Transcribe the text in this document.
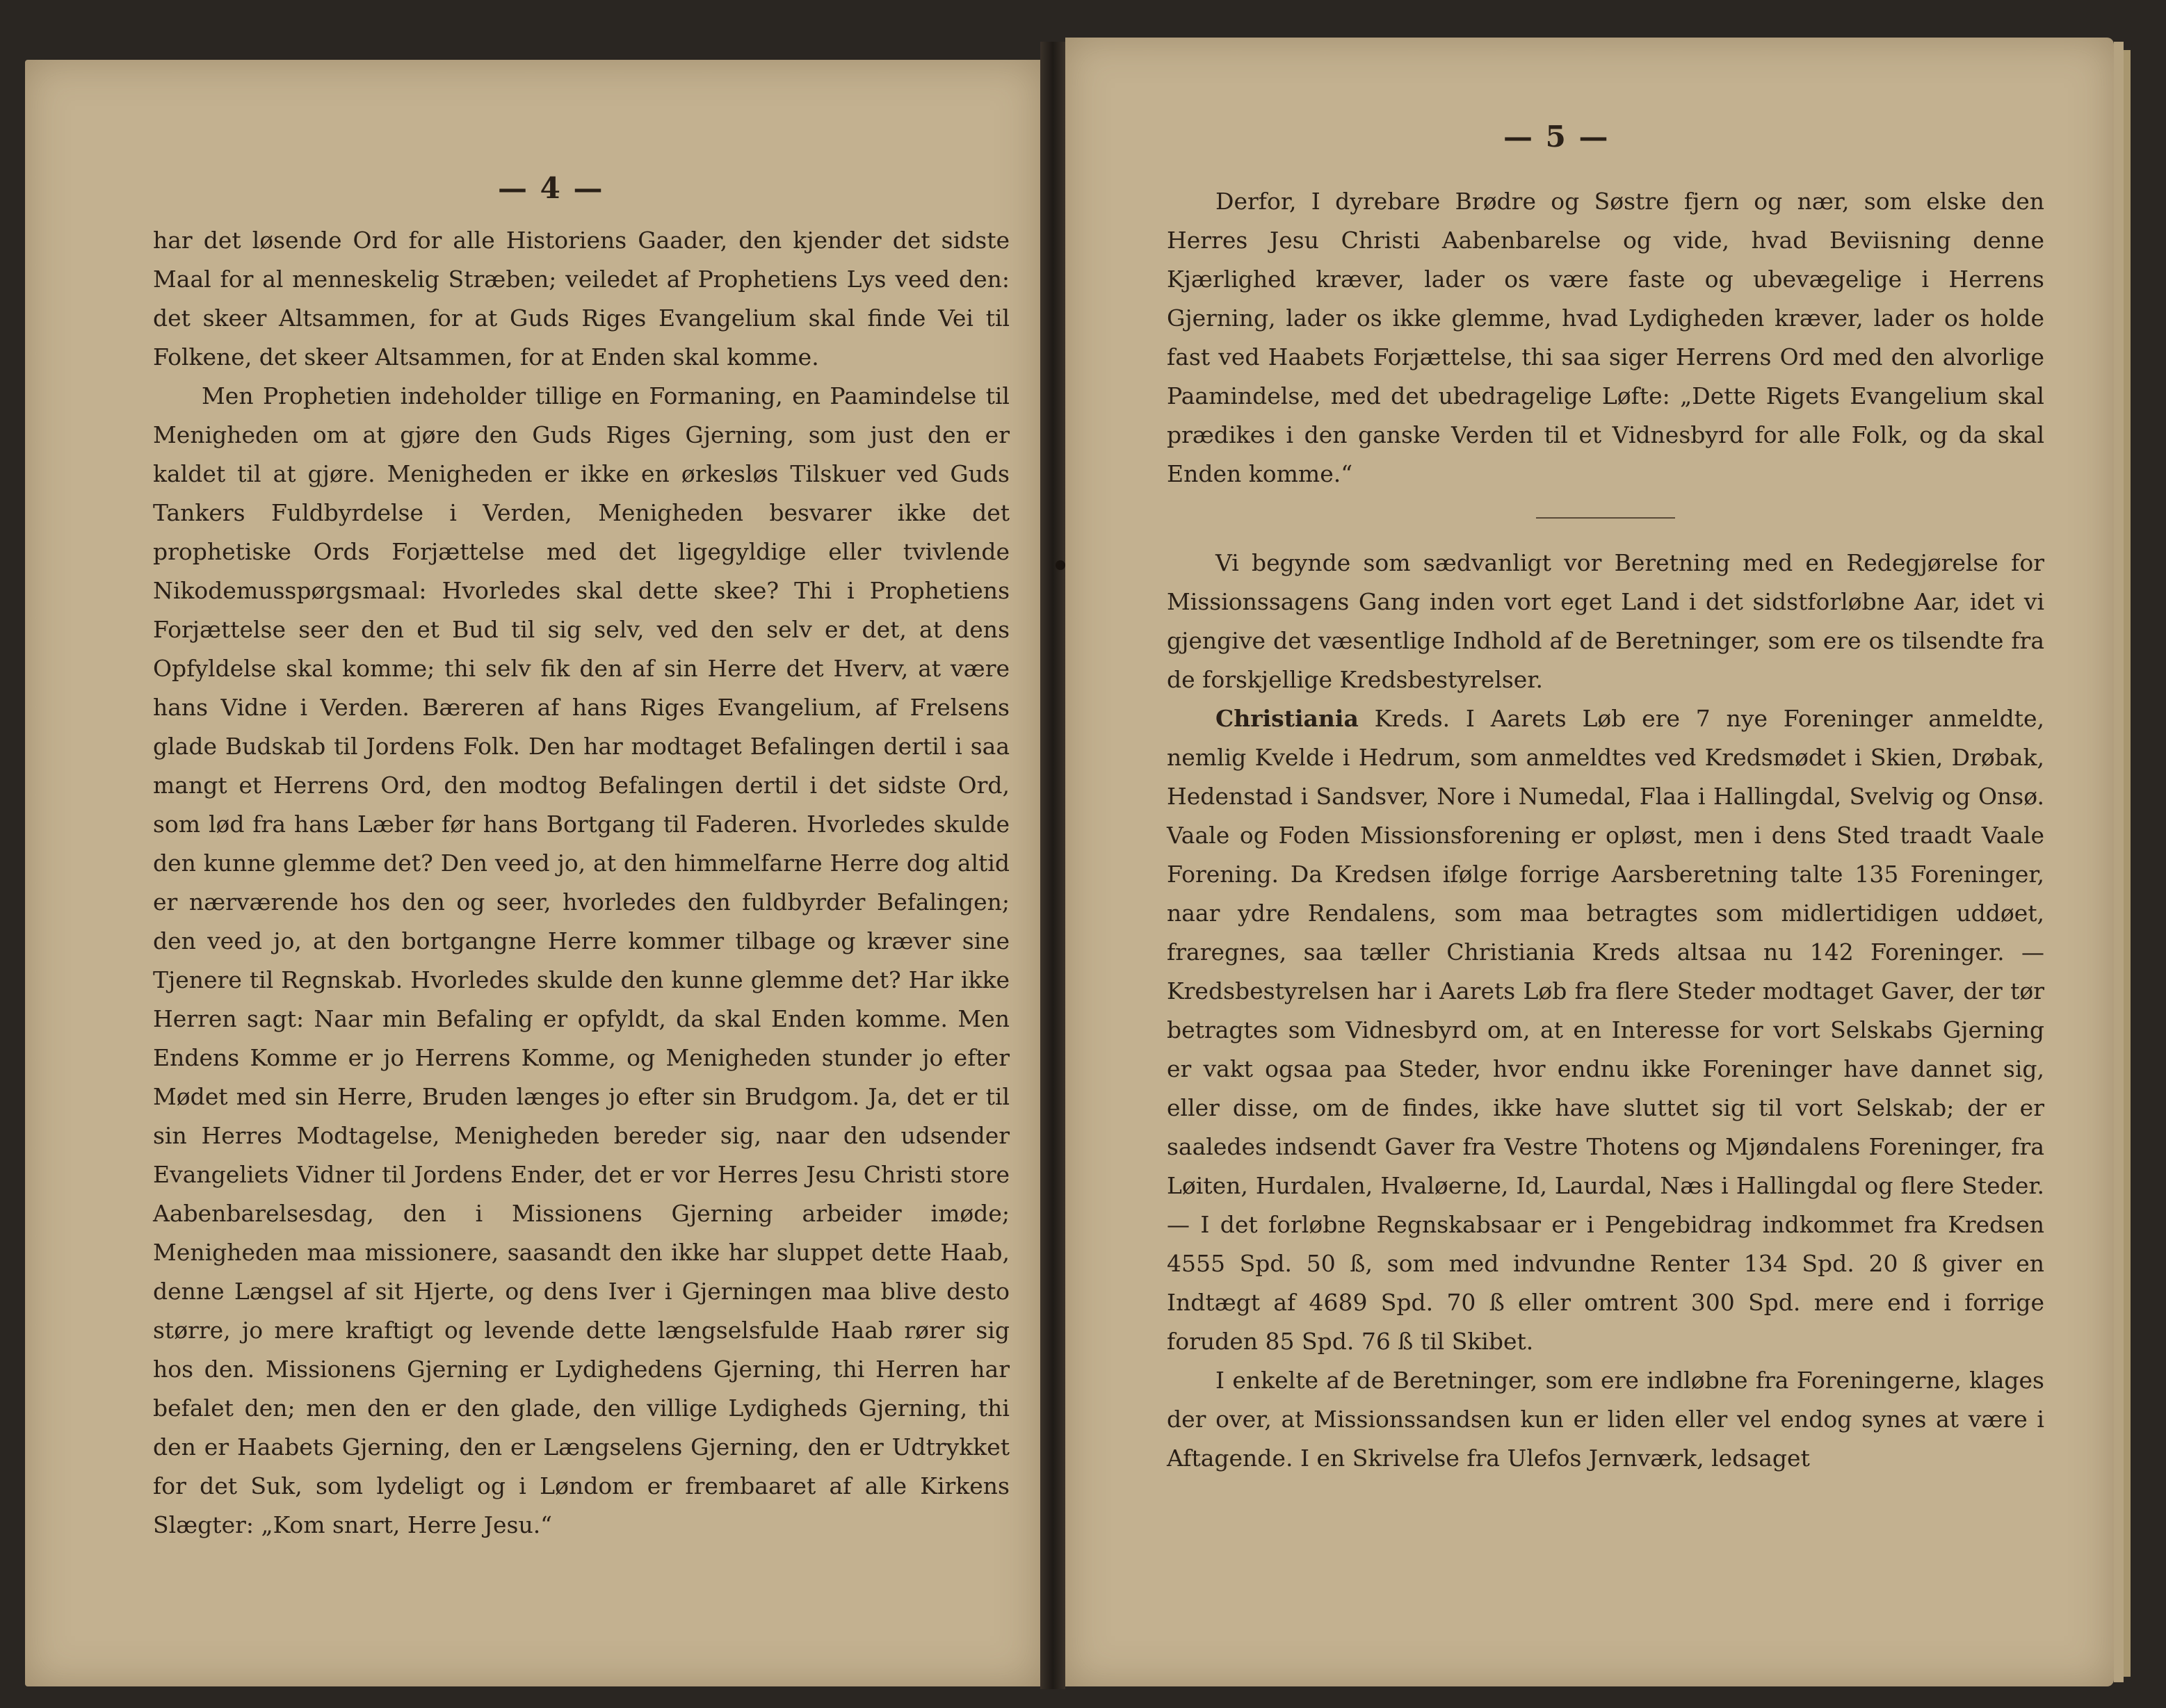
— 4 —

har det løsende Ord for alle Historiens Gaader, den kjender det sidste Maal for al menneskelig Stræben; veiledet af Prophetiens Lys veed den: det skeer Altsammen, for at Guds Riges Evangelium skal finde Vei til Folkene, det skeer Altsammen, for at Enden skal komme.

Men Prophetien indeholder tillige en Formaning, en Paamindelse til Menigheden om at gjøre den Guds Riges Gjerning, som just den er kaldet til at gjøre. Menigheden er ikke en ørkesløs Tilskuer ved Guds Tankers Fuldbyrdelse i Verden, Menigheden besvarer ikke det prophetiske Ords Forjættelse med det ligegyldige eller tvivlende Nikodemusspørgsmaal: Hvorledes skal dette skee? Thi i Prophetiens Forjættelse seer den et Bud til sig selv, ved den selv er det, at dens Opfyldelse skal komme; thi selv fik den af sin Herre det Hverv, at være hans Vidne i Verden. Bæreren af hans Riges Evangelium, af Frelsens glade Budskab til Jordens Folk. Den har modtaget Befalingen dertil i saa mangt et Herrens Ord, den modtog Befalingen dertil i det sidste Ord, som lød fra hans Læber før hans Bortgang til Faderen. Hvorledes skulde den kunne glemme det? Den veed jo, at den himmelfarne Herre dog altid er nærværende hos den og seer, hvorledes den fuldbyrder Befalingen; den veed jo, at den bortgangne Herre kommer tilbage og kræver sine Tjenere til Regnskab. Hvorledes skulde den kunne glemme det? Har ikke Herren sagt: Naar min Befaling er opfyldt, da skal Enden komme. Men Endens Komme er jo Herrens Komme, og Menigheden stunder jo efter Mødet med sin Herre, Bruden længes jo efter sin Brudgom. Ja, det er til sin Herres Modtagelse, Menigheden bereder sig, naar den udsender Evangeliets Vidner til Jordens Ender, det er vor Herres Jesu Christi store Aabenbarelsesdag, den i Missionens Gjerning arbeider imøde; Menigheden maa missionere, saasandt den ikke har sluppet dette Haab, denne Længsel af sit Hjerte, og dens Iver i Gjerningen maa blive desto større, jo mere kraftigt og levende dette længselsfulde Haab rører sig hos den. Missionens Gjerning er Lydighedens Gjerning, thi Herren har befalet den; men den er den glade, den villige Lydigheds Gjerning, thi den er Haabets Gjerning, den er Længselens Gjerning, den er Udtrykket for det Suk, som lydeligt og i Løndom er frembaaret af alle Kirkens Slægter: „Kom snart, Herre Jesu.“

— 5 —

Derfor, I dyrebare Brødre og Søstre fjern og nær, som elske den Herres Jesu Christi Aabenbarelse og vide, hvad Beviisning denne Kjærlighed kræver, lader os være faste og ubevægelige i Herrens Gjerning, lader os ikke glemme, hvad Lydigheden kræver, lader os holde fast ved Haabets Forjættelse, thi saa siger Herrens Ord med den alvorlige Paamindelse, med det ubedragelige Løfte: „Dette Rigets Evangelium skal prædikes i den ganske Verden til et Vidnesbyrd for alle Folk, og da skal Enden komme.“

Vi begynde som sædvanligt vor Beretning med en Redegjørelse for Missionssagens Gang inden vort eget Land i det sidstforløbne Aar, idet vi gjengive det væsentlige Indhold af de Beretninger, som ere os tilsendte fra de forskjellige Kredsbestyrelser.

Christiania Kreds. I Aarets Løb ere 7 nye Foreninger anmeldte, nemlig Kvelde i Hedrum, som anmeldtes ved Kredsmødet i Skien, Drøbak, Hedenstad i Sandsver, Nore i Numedal, Flaa i Hallingdal, Svelvig og Onsø. Vaale og Foden Missionsforening er opløst, men i dens Sted traadt Vaale Forening. Da Kredsen ifølge forrige Aarsberetning talte 135 Foreninger, naar ydre Rendalens, som maa betragtes som midlertidigen uddøet, fraregnes, saa tæller Christiania Kreds altsaa nu 142 Foreninger. — Kredsbestyrelsen har i Aarets Løb fra flere Steder modtaget Gaver, der tør betragtes som Vidnesbyrd om, at en Interesse for vort Selskabs Gjerning er vakt ogsaa paa Steder, hvor endnu ikke Foreninger have dannet sig, eller disse, om de findes, ikke have sluttet sig til vort Selskab; der er saaledes indsendt Gaver fra Vestre Thotens og Mjøndalens Foreninger, fra Løiten, Hurdalen, Hvaløerne, Id, Laurdal, Næs i Hallingdal og flere Steder. — I det forløbne Regnskabsaar er i Pengebidrag indkommet fra Kredsen 4555 Spd. 50 ß, som med indvundne Renter 134 Spd. 20 ß giver en Indtægt af 4689 Spd. 70 ß eller omtrent 300 Spd. mere end i forrige foruden 85 Spd. 76 ß til Skibet.

I enkelte af de Beretninger, som ere indløbne fra Foreningerne, klages der over, at Missionssandsen kun er liden eller vel endog synes at være i Aftagende. I en Skrivelse fra Ulefos Jernværk, ledsaget
